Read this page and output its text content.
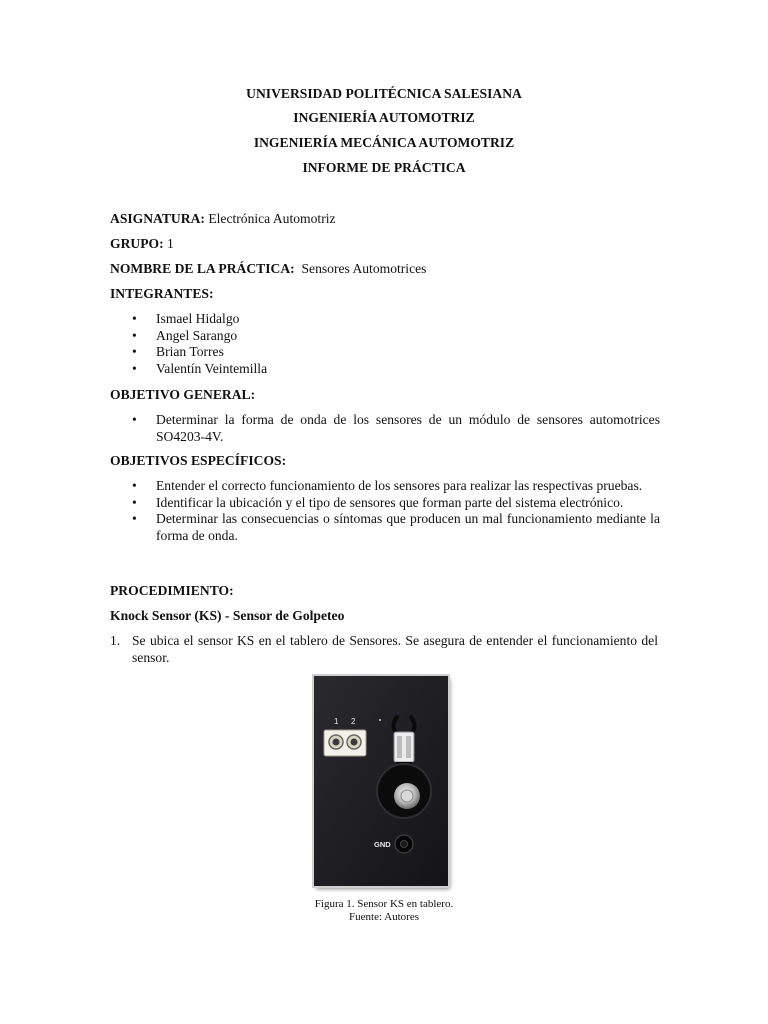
UNIVERSIDAD POLITÉCNICA SALESIANA
INGENIERÍA AUTOMOTRIZ
INGENIERÍA MECÁNICA AUTOMOTRIZ
INFORME DE PRÁCTICA
ASIGNATURA: Electrónica Automotriz
GRUPO: 1
NOMBRE DE LA PRÁCTICA: Sensores Automotrices
INTEGRANTES:
• Ismael Hidalgo
• Angel Sarango
• Brian Torres
• Valentín Veintemilla
OBJETIVO GENERAL:
• Determinar la forma de onda de los sensores de un módulo de sensores automotrices SO4203-4V.
OBJETIVOS ESPECÍFICOS:
• Entender el correcto funcionamiento de los sensores para realizar las respectivas pruebas.
• Identificar la ubicación y el tipo de sensores que forman parte del sistema electrónico.
• Determinar las consecuencias o síntomas que producen un mal funcionamiento mediante la forma de onda.
PROCEDIMIENTO:
Knock Sensor (KS) - Sensor de Golpeteo
1. Se ubica el sensor KS en el tablero de Sensores. Se asegura de entender el funcionamiento del sensor.
1 2
GND
Figura 1. Sensor KS en tablero.
Fuente: Autores
